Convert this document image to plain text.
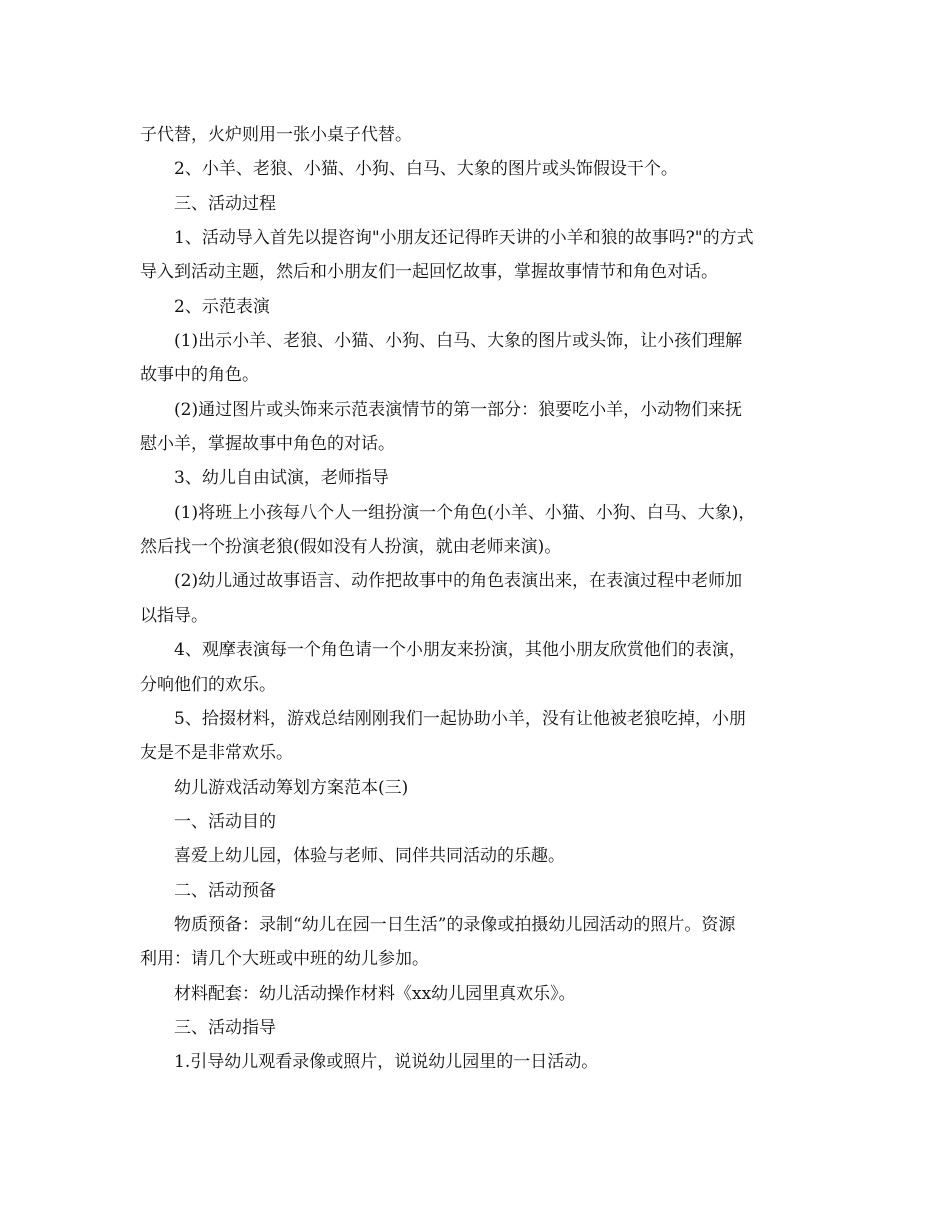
子代替，火炉则用一张小桌子代替。
2、小羊、老狼、小猫、小狗、白马、大象的图片或头饰假设干个。
三、活动过程
1、活动导入首先以提咨询"小朋友还记得昨天讲的小羊和狼的故事吗?"的方式
导入到活动主题，然后和小朋友们一起回忆故事，掌握故事情节和角色对话。
2、示范表演
(1)出示小羊、老狼、小猫、小狗、白马、大象的图片或头饰，让小孩们理解
故事中的角色。
(2)通过图片或头饰来示范表演情节的第一部分：狼要吃小羊，小动物们来抚
慰小羊，掌握故事中角色的对话。
3、幼儿自由试演，老师指导
(1)将班上小孩每八个人一组扮演一个角色(小羊、小猫、小狗、白马、大象)，
然后找一个扮演老狼(假如没有人扮演，就由老师来演)。
(2)幼儿通过故事语言、动作把故事中的角色表演出来，在表演过程中老师加
以指导。
4、观摩表演每一个角色请一个小朋友来扮演，其他小朋友欣赏他们的表演，
分响他们的欢乐。
5、拾掇材料，游戏总结刚刚我们一起协助小羊，没有让他被老狼吃掉，小朋
友是不是非常欢乐。
幼儿游戏活动筹划方案范本(三)
一、活动目的
喜爱上幼儿园，体验与老师、同伴共同活动的乐趣。
二、活动预备
物质预备：录制“幼儿在园一日生活”的录像或拍摄幼儿园活动的照片。资源
利用：请几个大班或中班的幼儿参加。
材料配套：幼儿活动操作材料《xx幼儿园里真欢乐》。
三、活动指导
1.引导幼儿观看录像或照片，说说幼儿园里的一日活动。
